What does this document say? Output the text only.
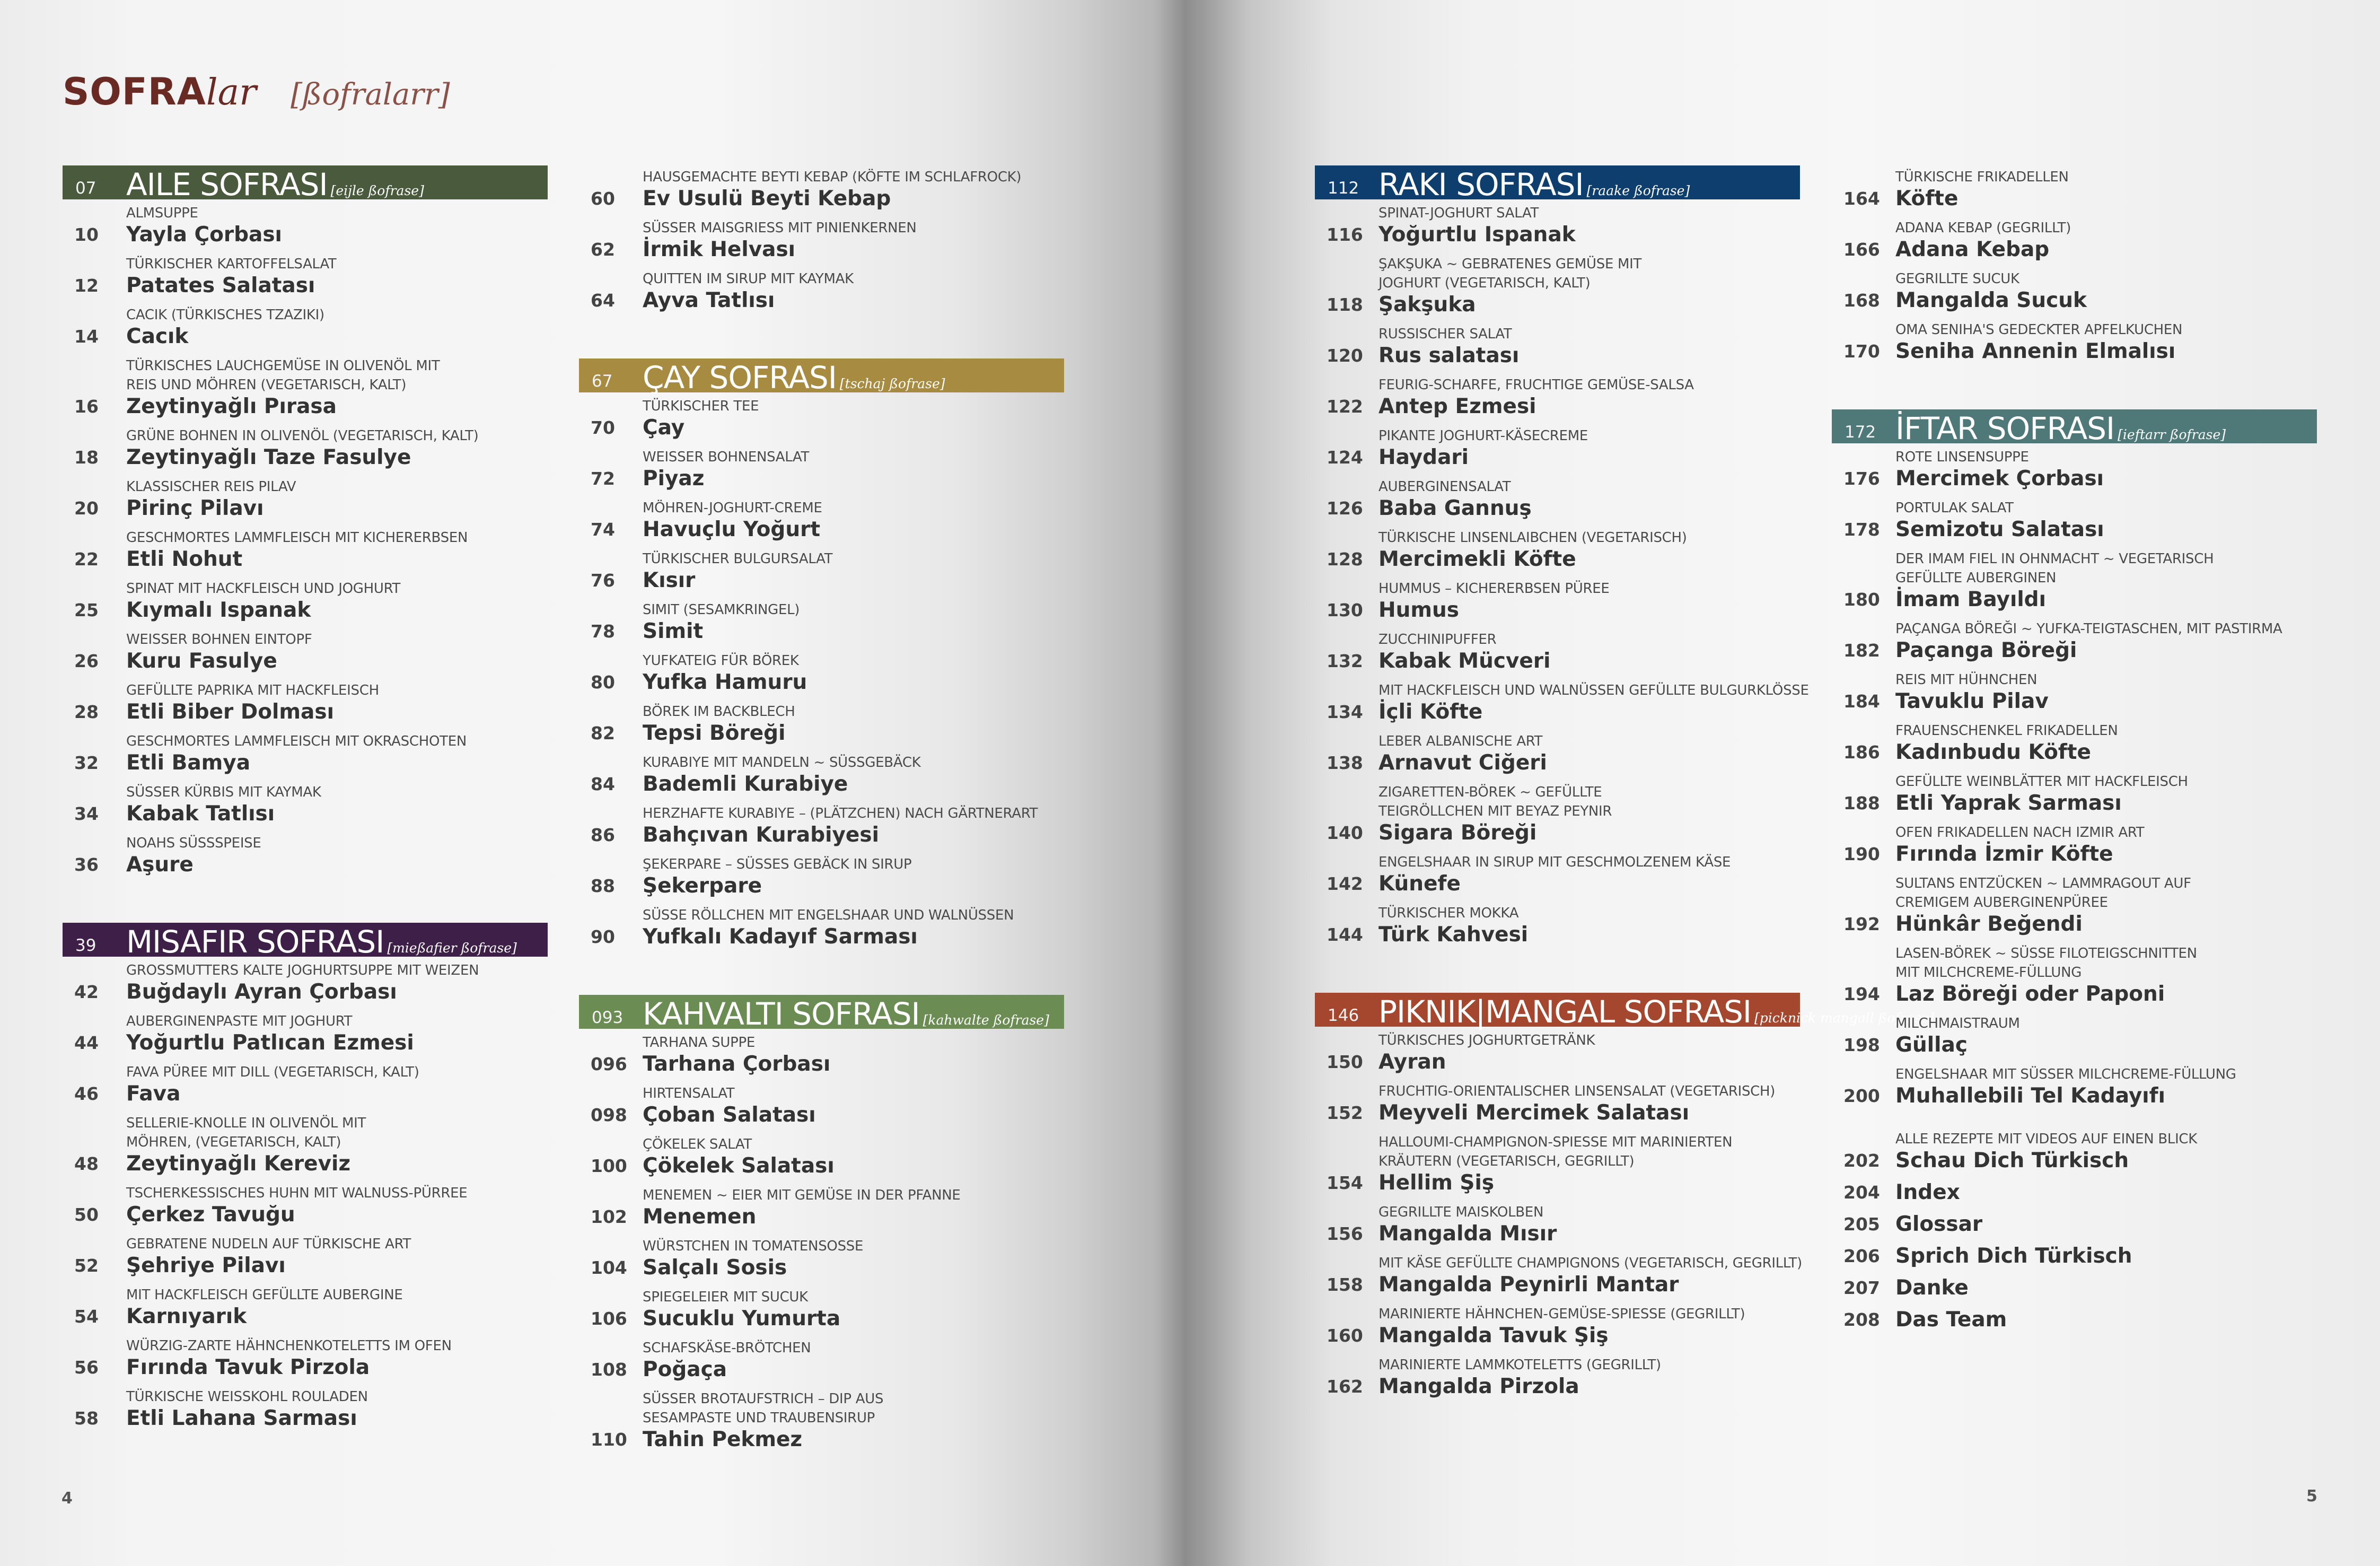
SOFRAlar [ßofralarr]
07 AILE SOFRASI [eijle ßofrase]
ALMSUPPE
Yayla Çorbası
10
TÜRKISCHER KARTOFFELSALAT
Patates Salatası
12
CACIK (TÜRKISCHES TZAZIKI)
Cacık
14
TÜRKISCHES LAUCHGEMÜSE IN OLIVENÖL MIT
REIS UND MÖHREN (VEGETARISCH, KALT)
Zeytinyağlı Pırasa
16
GRÜNE BOHNEN IN OLIVENÖL (VEGETARISCH, KALT)
Zeytinyağlı Taze Fasulye
18
KLASSISCHER REIS PILAV
Pirinç Pilavı
20
GESCHMORTES LAMMFLEISCH MIT KICHERERBSEN
Etli Nohut
22
SPINAT MIT HACKFLEISCH UND JOGHURT
Kıymalı Ispanak
25
WEISSER BOHNEN EINTOPF
Kuru Fasulye
26
GEFÜLLTE PAPRIKA MIT HACKFLEISCH
Etli Biber Dolması
28
GESCHMORTES LAMMFLEISCH MIT OKRASCHOTEN
Etli Bamya
32
SÜSSER KÜRBIS MIT KAYMAK
Kabak Tatlısı
34
NOAHS SÜSSSPEISE
Aşure
36
39 MISAFIR SOFRASI [mießafier ßofrase]
GROSSMUTTERS KALTE JOGHURTSUPPE MIT WEIZEN
Buğdaylı Ayran Çorbası
42
AUBERGINENPASTE MIT JOGHURT
Yoğurtlu Patlıcan Ezmesi
44
FAVA PÜREE MIT DILL (VEGETARISCH, KALT)
Fava
46
SELLERIE-KNOLLE IN OLIVENÖL MIT
MÖHREN, (VEGETARISCH, KALT)
Zeytinyağlı Kereviz
48
TSCHERKESSISCHES HUHN MIT WALNUSS-PÜRREE
Çerkez Tavuğu
50
GEBRATENE NUDELN AUF TÜRKISCHE ART
Şehriye Pilavı
52
MIT HACKFLEISCH GEFÜLLTE AUBERGINE
Karnıyarık
54
WÜRZIG-ZARTE HÄHNCHENKOTELETTS IM OFEN
Fırında Tavuk Pirzola
56
TÜRKISCHE WEISSKOHL ROULADEN
Etli Lahana Sarması
58
HAUSGEMACHTE BEYTI KEBAP (KÖFTE IM SCHLAFROCK)
Ev Usulü Beyti Kebap
60
SÜSSER MAISGRIESS MIT PINIENKERNEN
İrmik Helvası
62
QUITTEN IM SIRUP MIT KAYMAK
Ayva Tatlısı
64
67 ÇAY SOFRASI [tschaj ßofrase]
TÜRKISCHER TEE
Çay
70
WEISSER BOHNENSALAT
Piyaz
72
MÖHREN-JOGHURT-CREME
Havuçlu Yoğurt
74
TÜRKISCHER BULGURSALAT
Kısır
76
SIMIT (SESAMKRINGEL)
Simit
78
YUFKATEIG FÜR BÖREK
Yufka Hamuru
80
BÖREK IM BACKBLECH
Tepsi Böreği
82
KURABIYE MIT MANDELN ~ SÜSSGEBÄCK
Bademli Kurabiye
84
HERZHAFTE KURABIYE – (PLÄTZCHEN) NACH GÄRTNERART
Bahçıvan Kurabiyesi
86
ŞEKERPARE – SÜSSES GEBÄCK IN SIRUP
Şekerpare
88
SÜSSE RÖLLCHEN MIT ENGELSHAAR UND WALNÜSSEN
Yufkalı Kadayıf Sarması
90
093 KAHVALTI SOFRASI [kahwalte ßofrase]
TARHANA SUPPE
Tarhana Çorbası
096
HIRTENSALAT
Çoban Salatası
098
ÇÖKELEK SALAT
Çökelek Salatası
100
MENEMEN ~ EIER MIT GEMÜSE IN DER PFANNE
Menemen
102
WÜRSTCHEN IN TOMATENSOSSE
Salçalı Sosis
104
SPIEGELEIER MIT SUCUK
Sucuklu Yumurta
106
SCHAFSKÄSE-BRÖTCHEN
Poğaça
108
SÜSSER BROTAUFSTRICH – DIP AUS
SESAMPASTE UND TRAUBENSIRUP
Tahin Pekmez
110
112 RAKI SOFRASI [raake ßofrase]
SPINAT-JOGHURT SALAT
Yoğurtlu Ispanak
116
ŞAKŞUKA ~ GEBRATENES GEMÜSE MIT
JOGHURT (VEGETARISCH, KALT)
Şakşuka
118
RUSSISCHER SALAT
Rus salatası
120
FEURIG-SCHARFE, FRUCHTIGE GEMÜSE-SALSA
Antep Ezmesi
122
PIKANTE JOGHURT-KÄSECREME
Haydari
124
AUBERGINENSALAT
Baba Gannuş
126
TÜRKISCHE LINSENLAIBCHEN (VEGETARISCH)
Mercimekli Köfte
128
HUMMUS – KICHERERBSEN PÜREE
Humus
130
ZUCCHINIPUFFER
Kabak Mücveri
132
MIT HACKFLEISCH UND WALNÜSSEN GEFÜLLTE BULGURKLÖSSE
İçli Köfte
134
LEBER ALBANISCHE ART
Arnavut Ciğeri
138
ZIGARETTEN-BÖREK ~ GEFÜLLTE
TEIGRÖLLCHEN MIT BEYAZ PEYNIR
Sigara Böreği
140
ENGELSHAAR IN SIRUP MIT GESCHMOLZENEM KÄSE
Künefe
142
TÜRKISCHER MOKKA
Türk Kahvesi
144
146 PIKNIK|MANGAL SOFRASI [picknick mangall ßofrase]
TÜRKISCHES JOGHURTGETRÄNK
Ayran
150
FRUCHTIG-ORIENTALISCHER LINSENSALAT (VEGETARISCH)
Meyveli Mercimek Salatası
152
HALLOUMI-CHAMPIGNON-SPIESSE MIT MARINIERTEN
KRÄUTERN (VEGETARISCH, GEGRILLT)
Hellim Şiş
154
GEGRILLTE MAISKOLBEN
Mangalda Mısır
156
MIT KÄSE GEFÜLLTE CHAMPIGNONS (VEGETARISCH, GEGRILLT)
Mangalda Peynirli Mantar
158
MARINIERTE HÄHNCHEN-GEMÜSE-SPIESSE (GEGRILLT)
Mangalda Tavuk Şiş
160
MARINIERTE LAMMKOTELETTS (GEGRILLT)
Mangalda Pirzola
162
TÜRKISCHE FRIKADELLEN
Köfte
164
ADANA KEBAP (GEGRILLT)
Adana Kebap
166
GEGRILLTE SUCUK
Mangalda Sucuk
168
OMA SENIHA'S GEDECKTER APFELKUCHEN
Seniha Annenin Elmalısı
170
172 İFTAR SOFRASI [ieftarr ßofrase]
ROTE LINSENSUPPE
Mercimek Çorbası
176
PORTULAK SALAT
Semizotu Salatası
178
DER IMAM FIEL IN OHNMACHT ~ VEGETARISCH
GEFÜLLTE AUBERGINEN
İmam Bayıldı
180
PAÇANGA BÖREĞI ~ YUFKA-TEIGTASCHEN, MIT PASTIRMA
Paçanga Böreği
182
REIS MIT HÜHNCHEN
Tavuklu Pilav
184
FRAUENSCHENKEL FRIKADELLEN
Kadınbudu Köfte
186
GEFÜLLTE WEINBLÄTTER MIT HACKFLEISCH
Etli Yaprak Sarması
188
OFEN FRIKADELLEN NACH IZMIR ART
Fırında İzmir Köfte
190
SULTANS ENTZÜCKEN ~ LAMMRAGOUT AUF
CREMIGEM AUBERGINENPÜREE
Hünkâr Beğendi
192
LASEN-BÖREK ~ SÜSSE FILOTEIGSCHNITTEN
MIT MILCHCREME-FÜLLUNG
Laz Böreği oder Paponi
194
MILCHMAISTRAUM
Güllaç
198
ENGELSHAAR MIT SÜSSER MILCHCREME-FÜLLUNG
Muhallebili Tel Kadayıfı
200
ALLE REZEPTE MIT VIDEOS AUF EINEN BLICK
Schau Dich Türkisch
202
Index
204
Glossar
205
Sprich Dich Türkisch
206
Danke
207
Das Team
208
4	5
